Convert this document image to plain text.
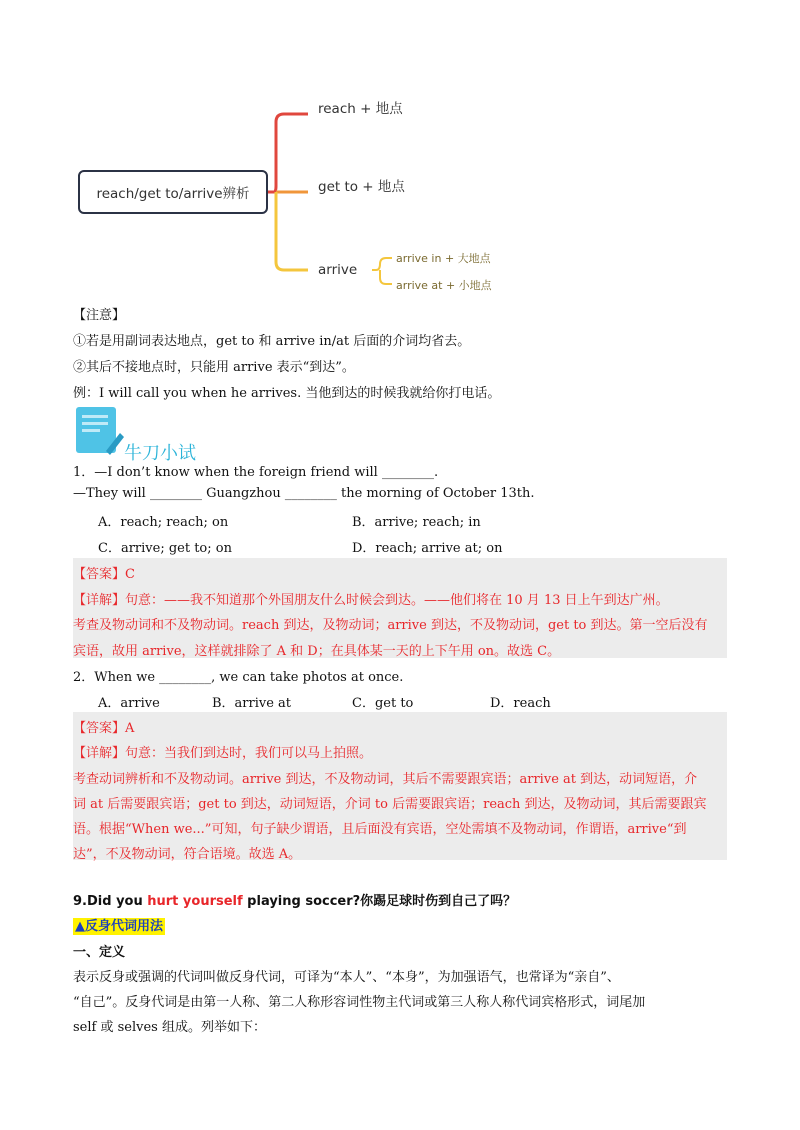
reach/get to/arrive辨析
reach + 地点
get to + 地点
arrive
arrive in + 大地点
arrive at + 小地点
【注意】
①若是用副词表达地点，get to 和 arrive in/at 后面的介词均省去。
②其后不接地点时，只能用 arrive 表示“到达”。
例：I will call you when he arrives. 当他到达的时候我就给你打电话。
牛刀小试
1．—I don’t know when the foreign friend will ________.
—They will ________ Guangzhou ________ the morning of October 13th.
A．reach; reach; on	B．arrive; reach; in
C．arrive; get to; on	D．reach; arrive at; on
【答案】C
【详解】句意：——我不知道那个外国朋友什么时候会到达。——他们将在 10 月 13 日上午到达广州。
考查及物动词和不及物动词。reach 到达，及物动词；arrive 到达，不及物动词，get to 到达。第一空后没有
宾语，故用 arrive，这样就排除了 A 和 D；在具体某一天的上下午用 on。故选 C。
2．When we ________, we can take photos at once.
A．arrive	B．arrive at	C．get to	D．reach
【答案】A
【详解】句意：当我们到达时，我们可以马上拍照。
考查动词辨析和不及物动词。arrive 到达，不及物动词，其后不需要跟宾语；arrive at 到达，动词短语，介
词 at 后需要跟宾语；get to 到达，动词短语，介词 to 后需要跟宾语；reach 到达，及物动词，其后需要跟宾
语。根据“When we...”可知，句子缺少谓语，且后面没有宾语，空处需填不及物动词，作谓语，arrive“到
达”，不及物动词，符合语境。故选 A。
9.Did you hurt yourself playing soccer?你踢足球时伤到自己了吗？
▲反身代词用法
一、定义
表示反身或强调的代词叫做反身代词，可译为“本人”、“本身”，为加强语气，也常译为“亲自”、
“自己”。反身代词是由第一人称、第二人称形容词性物主代词或第三人称人称代词宾格形式，词尾加
self 或 selves 组成。列举如下：
